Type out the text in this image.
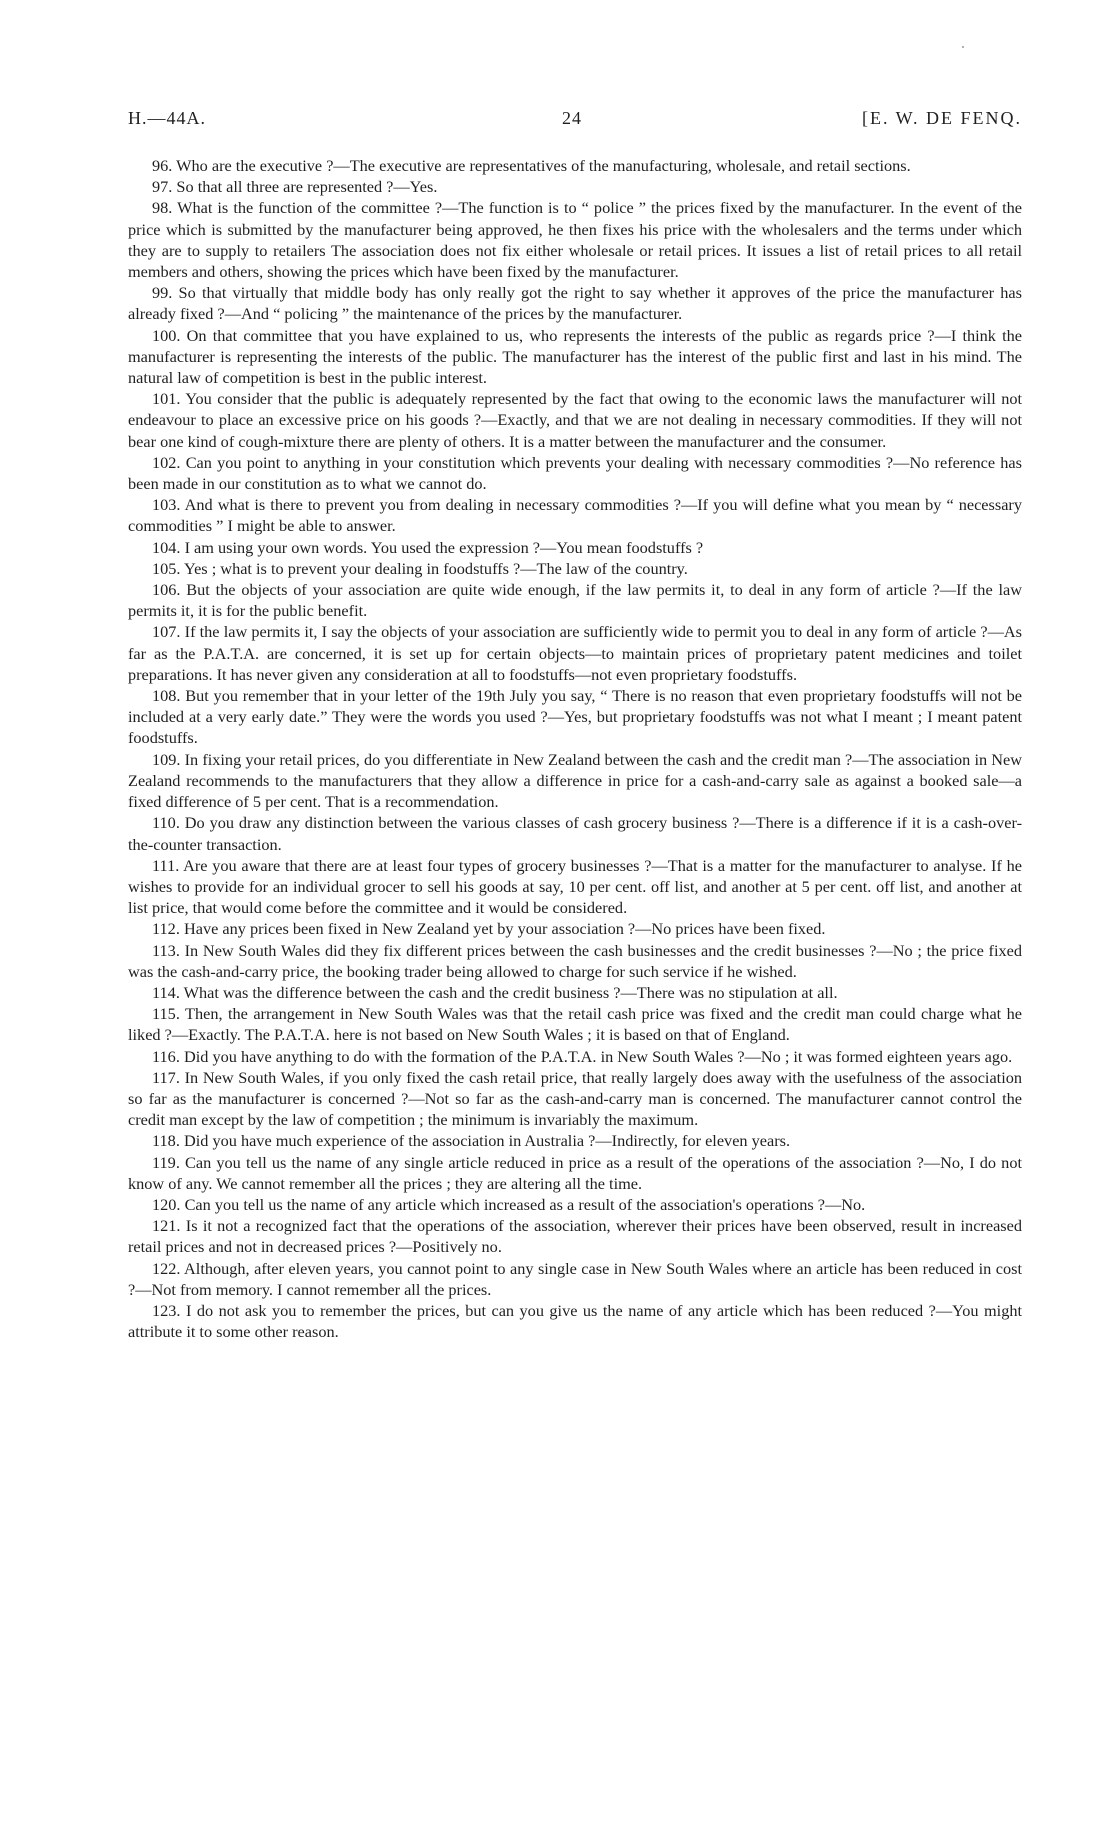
H.—44A.	24	[E. W. DE FENQ.

96. Who are the executive ?—The executive are representatives of the manufacturing, wholesale, and retail sections.

97. So that all three are represented ?—Yes.

98. What is the function of the committee ?—The function is to “ police ” the prices fixed by the manufacturer. In the event of the price which is submitted by the manufacturer being approved, he then fixes his price with the wholesalers and the terms under which they are to supply to retailers The association does not fix either wholesale or retail prices. It issues a list of retail prices to all retail members and others, showing the prices which have been fixed by the manufacturer.

99. So that virtually that middle body has only really got the right to say whether it approves of the price the manufacturer has already fixed ?—And “ policing ” the maintenance of the prices by the manufacturer.

100. On that committee that you have explained to us, who represents the interests of the public as regards price ?—I think the manufacturer is representing the interests of the public. The manufacturer has the interest of the public first and last in his mind. The natural law of competition is best in the public interest.

101. You consider that the public is adequately represented by the fact that owing to the economic laws the manufacturer will not endeavour to place an excessive price on his goods ?—Exactly, and that we are not dealing in necessary commodities. If they will not bear one kind of cough-mixture there are plenty of others. It is a matter between the manufacturer and the consumer.

102. Can you point to anything in your constitution which prevents your dealing with necessary commodities ?—No reference has been made in our constitution as to what we cannot do.

103. And what is there to prevent you from dealing in necessary commodities ?—If you will define what you mean by “ necessary commodities ” I might be able to answer.

104. I am using your own words. You used the expression ?—You mean foodstuffs ?

105. Yes ; what is to prevent your dealing in foodstuffs ?—The law of the country.

106. But the objects of your association are quite wide enough, if the law permits it, to deal in any form of article ?—If the law permits it, it is for the public benefit.

107. If the law permits it, I say the objects of your association are sufficiently wide to permit you to deal in any form of article ?—As far as the P.A.T.A. are concerned, it is set up for certain objects—to maintain prices of proprietary patent medicines and toilet preparations. It has never given any consideration at all to foodstuffs—not even proprietary foodstuffs.

108. But you remember that in your letter of the 19th July you say, “ There is no reason that even proprietary foodstuffs will not be included at a very early date.” They were the words you used ?—Yes, but proprietary foodstuffs was not what I meant ; I meant patent foodstuffs.

109. In fixing your retail prices, do you differentiate in New Zealand between the cash and the credit man ?—The association in New Zealand recommends to the manufacturers that they allow a difference in price for a cash-and-carry sale as against a booked sale—a fixed difference of 5 per cent. That is a recommendation.

110. Do you draw any distinction between the various classes of cash grocery business ?—There is a difference if it is a cash-over-the-counter transaction.

111. Are you aware that there are at least four types of grocery businesses ?—That is a matter for the manufacturer to analyse. If he wishes to provide for an individual grocer to sell his goods at say, 10 per cent. off list, and another at 5 per cent. off list, and another at list price, that would come before the committee and it would be considered.

112. Have any prices been fixed in New Zealand yet by your association ?—No prices have been fixed.

113. In New South Wales did they fix different prices between the cash businesses and the credit businesses ?—No ; the price fixed was the cash-and-carry price, the booking trader being allowed to charge for such service if he wished.

114. What was the difference between the cash and the credit business ?—There was no stipulation at all.

115. Then, the arrangement in New South Wales was that the retail cash price was fixed and the credit man could charge what he liked ?—Exactly. The P.A.T.A. here is not based on New South Wales ; it is based on that of England.

116. Did you have anything to do with the formation of the P.A.T.A. in New South Wales ?—No ; it was formed eighteen years ago.

117. In New South Wales, if you only fixed the cash retail price, that really largely does away with the usefulness of the association so far as the manufacturer is concerned ?—Not so far as the cash-and-carry man is concerned. The manufacturer cannot control the credit man except by the law of competition ; the minimum is invariably the maximum.

118. Did you have much experience of the association in Australia ?—Indirectly, for eleven years.

119. Can you tell us the name of any single article reduced in price as a result of the operations of the association ?—No, I do not know of any. We cannot remember all the prices ; they are altering all the time.

120. Can you tell us the name of any article which increased as a result of the association's operations ?—No.

121. Is it not a recognized fact that the operations of the association, wherever their prices have been observed, result in increased retail prices and not in decreased prices ?—Positively no.

122. Although, after eleven years, you cannot point to any single case in New South Wales where an article has been reduced in cost ?—Not from memory. I cannot remember all the prices.

123. I do not ask you to remember the prices, but can you give us the name of any article which has been reduced ?—You might attribute it to some other reason.
